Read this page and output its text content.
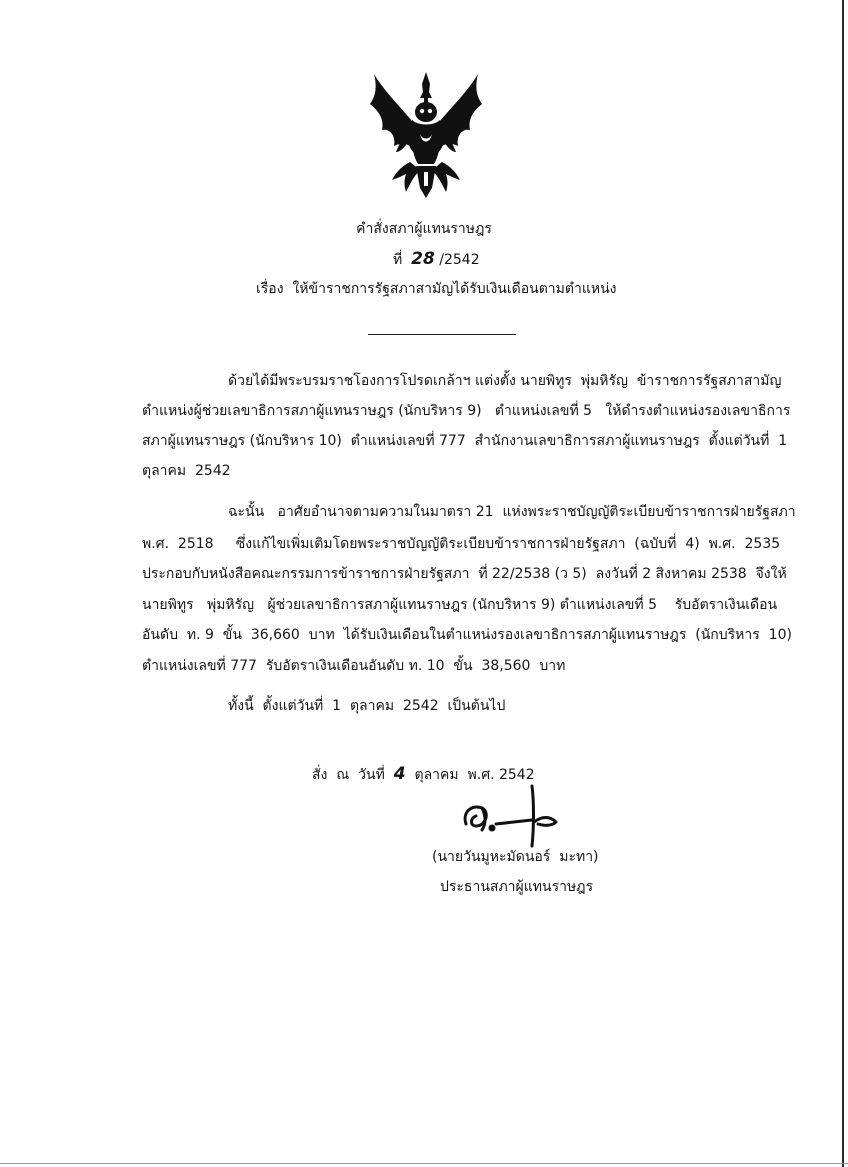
คำสั่งสภาผู้แทนราษฎร
ที่ 28 /2542
เรื่อง  ให้ข้าราชการรัฐสภาสามัญได้รับเงินเดือนตามตำแหน่ง
ด้วยได้มีพระบรมราชโองการโปรดเกล้าฯ แต่งตั้ง นายพิทูร  พุ่มหิรัญ  ข้าราชการรัฐสภาสามัญ
ตำแหน่งผู้ช่วยเลขาธิการสภาผู้แทนราษฎร (นักบริหาร 9)   ตำแหน่งเลขที่ 5   ให้ดำรงตำแหน่งรองเลขาธิการ
สภาผู้แทนราษฎร (นักบริหาร 10)  ตำแหน่งเลขที่ 777  สำนักงานเลขาธิการสภาผู้แทนราษฎร  ตั้งแต่วันที่  1
ตุลาคม  2542
ฉะนั้น   อาศัยอำนาจตามความในมาตรา 21  แห่งพระราชบัญญัติระเบียบข้าราชการฝ่ายรัฐสภา
พ.ศ.  2518     ซึ่งแก้ไขเพิ่มเติมโดยพระราชบัญญัติระเบียบข้าราชการฝ่ายรัฐสภา  (ฉบับที่  4)  พ.ศ.  2535
ประกอบกับหนังสือคณะกรรมการข้าราชการฝ่ายรัฐสภา  ที่ 22/2538 (ว 5)  ลงวันที่ 2 สิงหาคม 2538  จึงให้
นายพิทูร   พุ่มหิรัญ   ผู้ช่วยเลขาธิการสภาผู้แทนราษฎร (นักบริหาร 9) ตำแหน่งเลขที่ 5    รับอัตราเงินเดือน
อันดับ  ท. 9  ขั้น  36,660  บาท  ได้รับเงินเดือนในตำแหน่งรองเลขาธิการสภาผู้แทนราษฎร  (นักบริหาร  10)
ตำแหน่งเลขที่ 777  รับอัตราเงินเดือนอันดับ ท. 10  ขั้น  38,560  บาท
ทั้งนี้  ตั้งแต่วันที่  1  ตุลาคม  2542  เป็นต้นไป
สั่ง  ณ  วันที่ 4 ตุลาคม  พ.ศ. 2542
(นายวันมูหะมัดนอร์  มะทา)
ประธานสภาผู้แทนราษฎร
